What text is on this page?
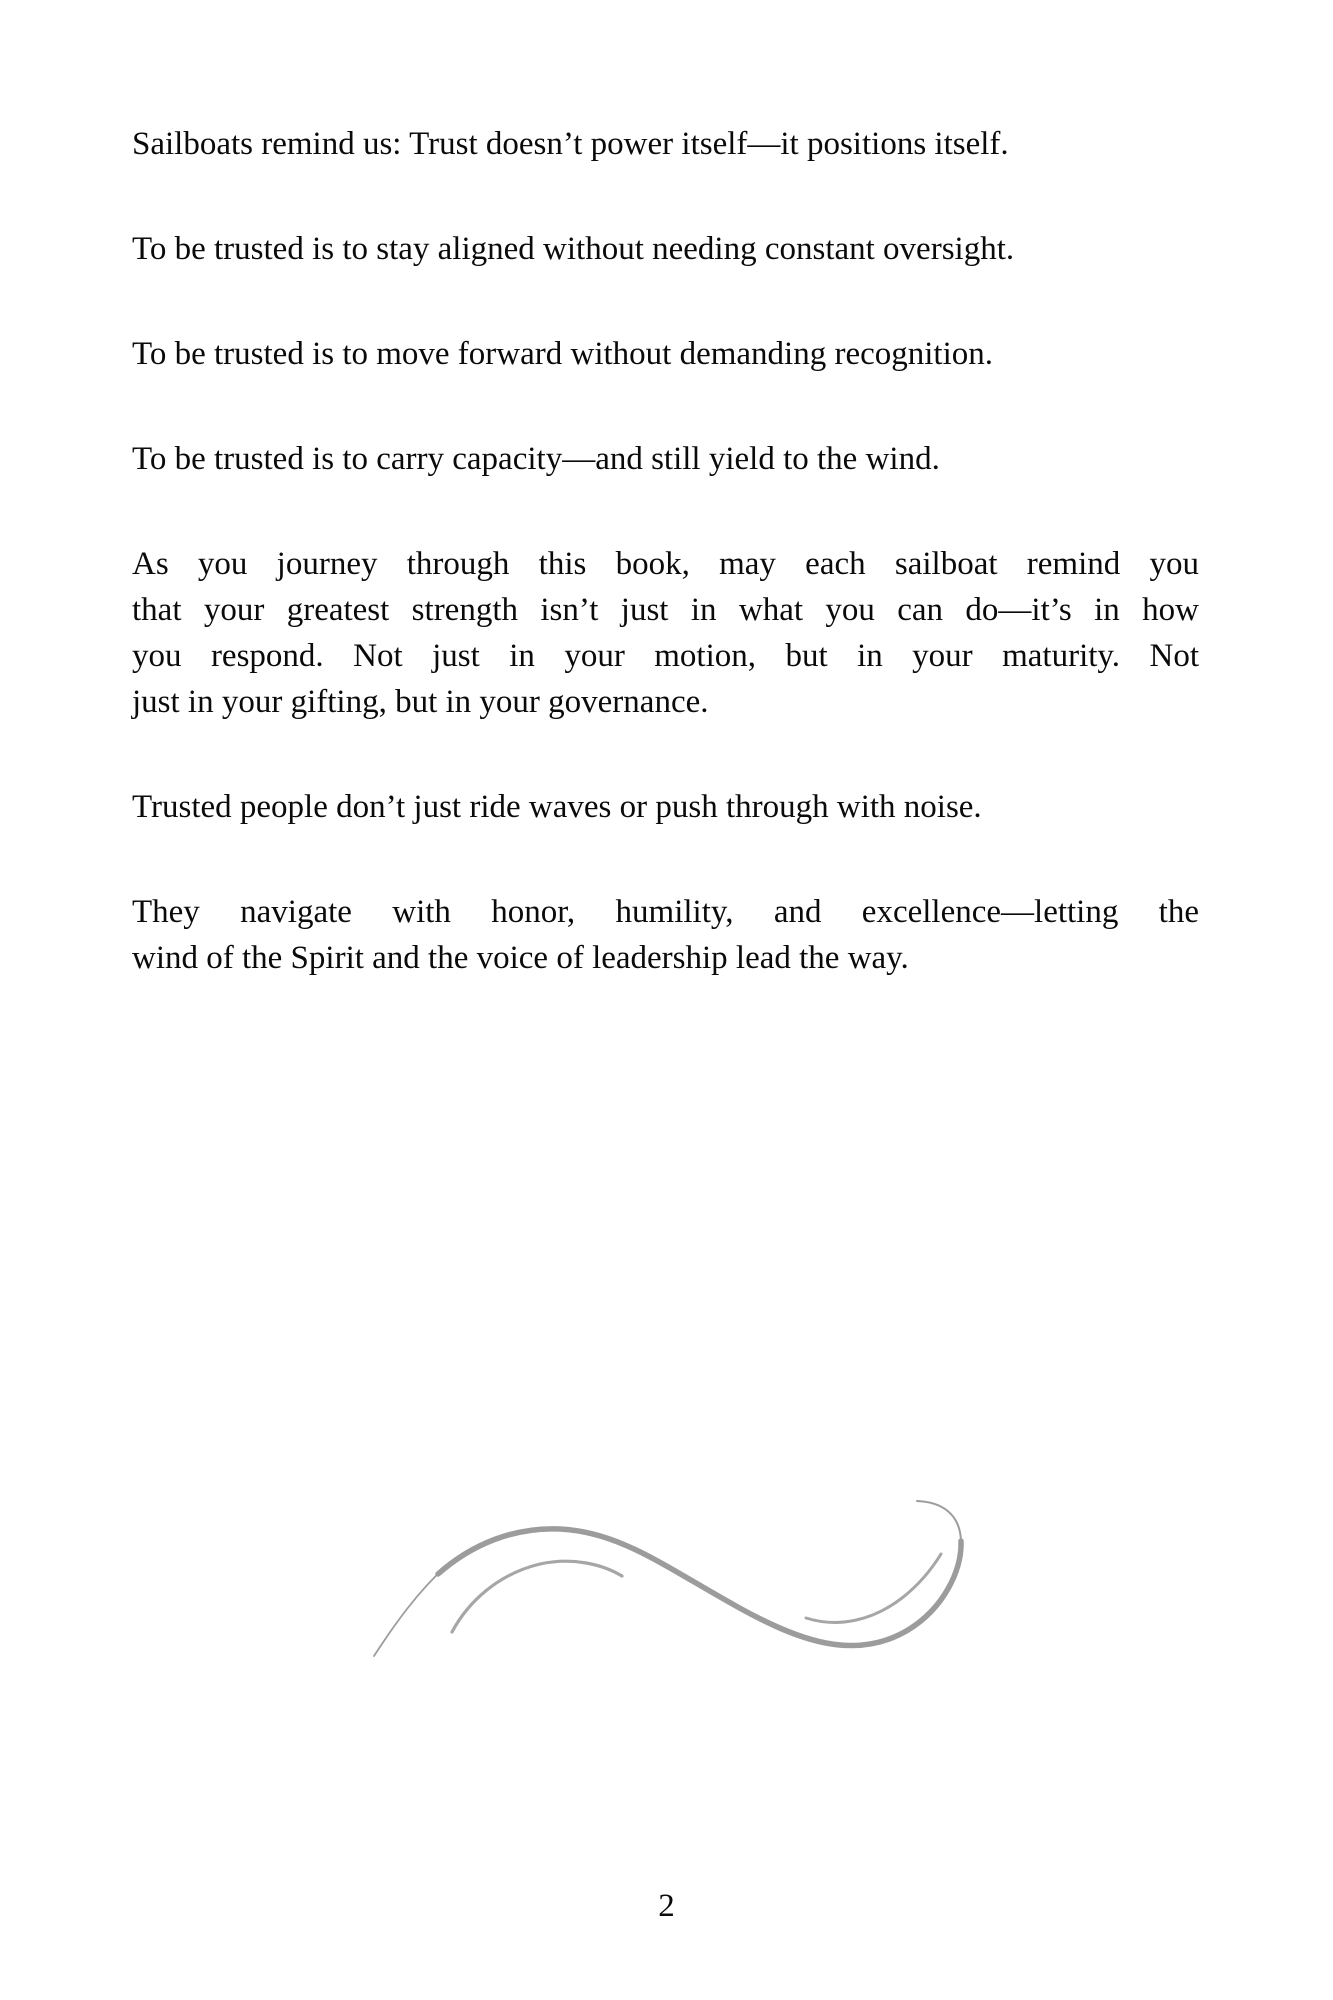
Sailboats remind us: Trust doesn’t power itself—it positions itself.
To be trusted is to stay aligned without needing constant oversight.
To be trusted is to move forward without demanding recognition.
To be trusted is to carry capacity—and still yield to the wind.
As you journey through this book, may each sailboat remind you
that your greatest strength isn’t just in what you can do—it’s in how
you respond. Not just in your motion, but in your maturity. Not
just in your gifting, but in your governance.
Trusted people don’t just ride waves or push through with noise.
They navigate with honor, humility, and excellence—letting the
wind of the Spirit and the voice of leadership lead the way.
2
